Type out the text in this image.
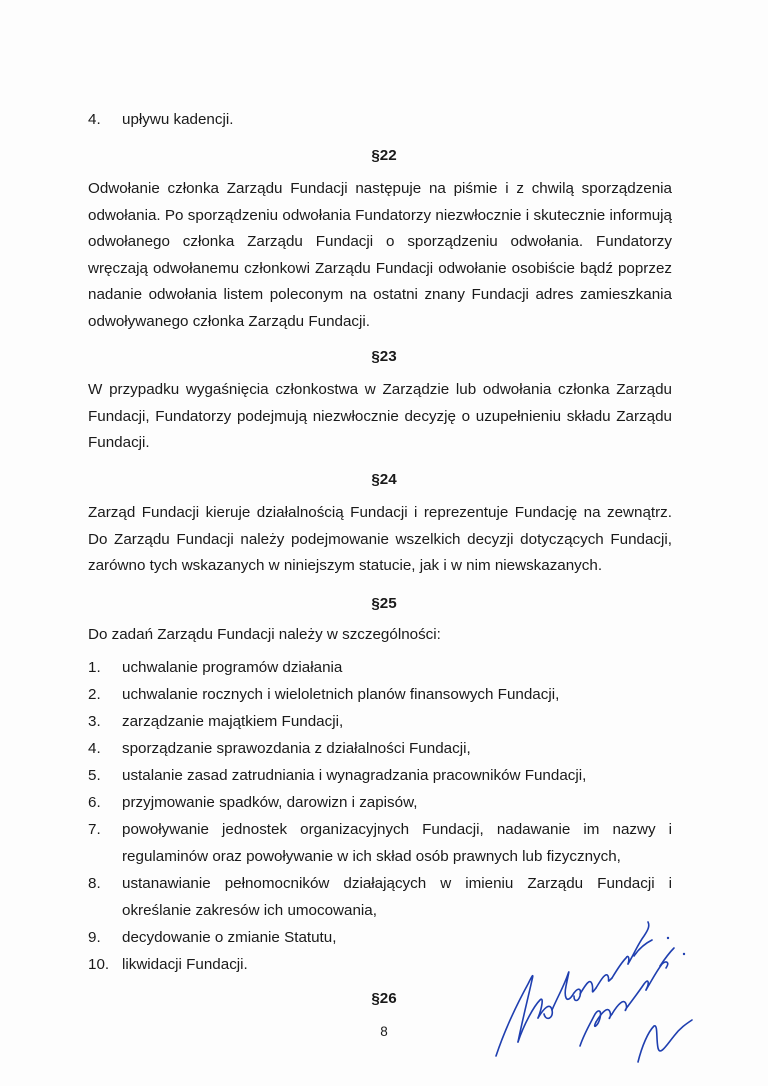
4.	upływu kadencji.
§22

Odwołanie członka Zarządu Fundacji następuje na piśmie i z chwilą sporządzenia odwołania. Po sporządzeniu odwołania Fundatorzy niezwłocznie i skutecznie informują odwołanego członka Zarządu Fundacji o sporządzeniu odwołania. Fundatorzy wręczają odwołanemu członkowi Zarządu Fundacji odwołanie osobiście bądź poprzez nadanie odwołania listem poleconym na ostatni znany Fundacji adres zamieszkania odwoływanego członka Zarządu Fundacji.

§23

W przypadku wygaśnięcia członkostwa w Zarządzie lub odwołania członka Zarządu Fundacji, Fundatorzy podejmują niezwłocznie decyzję o uzupełnieniu składu Zarządu Fundacji.

§24

Zarząd Fundacji kieruje działalnością Fundacji i reprezentuje Fundację na zewnątrz. Do Zarządu Fundacji należy podejmowanie wszelkich decyzji dotyczących Fundacji, zarówno tych wskazanych w niniejszym statucie, jak i w nim niewskazanych.

§25

Do zadań Zarządu Fundacji należy w szczególności:

1.	uchwalanie programów działania
2.	uchwalanie rocznych i wieloletnich planów finansowych Fundacji,
3.	zarządzanie majątkiem Fundacji,
4.	sporządzanie sprawozdania z działalności Fundacji,
5.	ustalanie zasad zatrudniania i wynagradzania pracowników Fundacji,
6.	przyjmowanie spadków, darowizn i zapisów,
7.	powoływanie jednostek organizacyjnych Fundacji, nadawanie im nazwy i regulaminów oraz powoływanie w ich skład osób prawnych lub fizycznych,
8.	ustanawianie pełnomocników działających w imieniu Zarządu Fundacji i określanie zakresów ich umocowania,
9.	decydowanie o zmianie Statutu,
10. likwidacji Fundacji.
§26
8
